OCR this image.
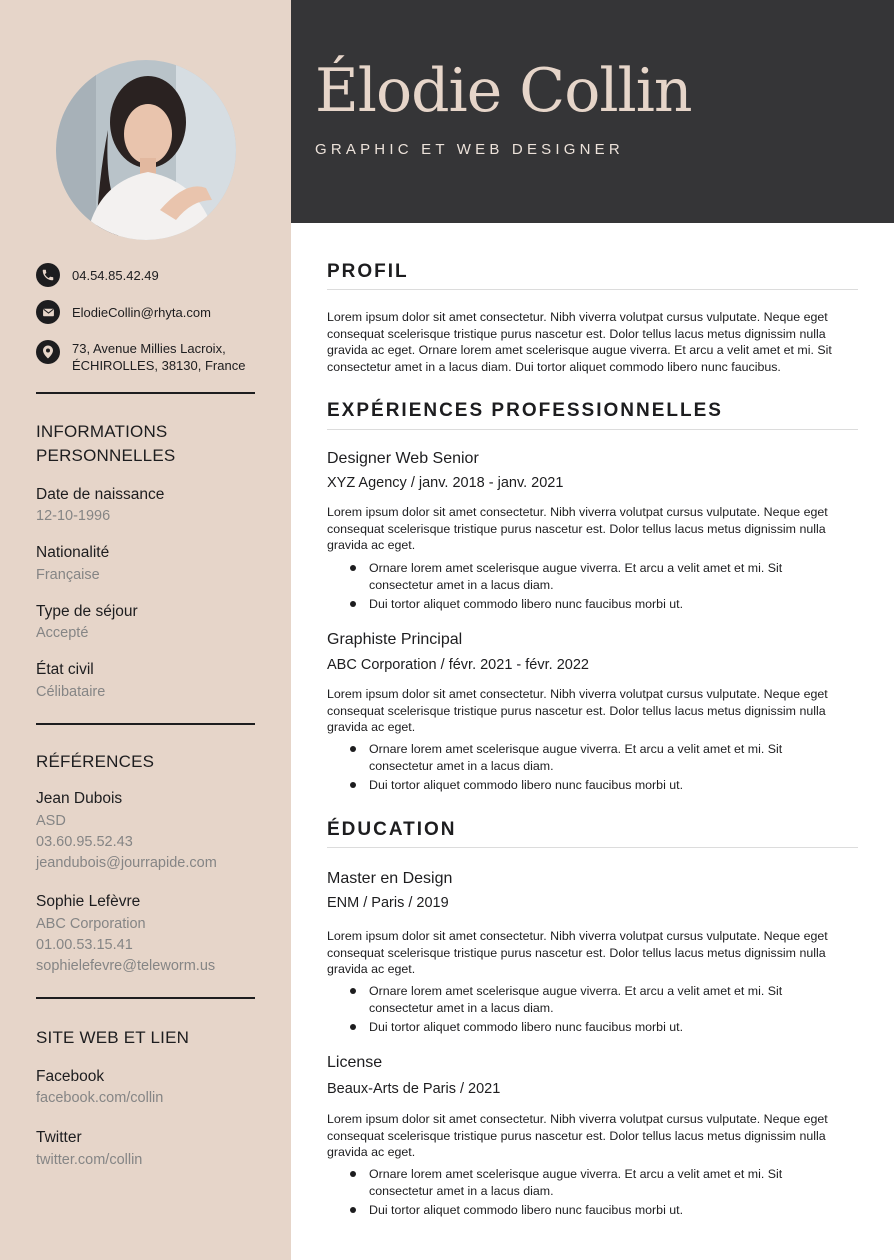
04.54.85.42.49
ElodieCollin@rhyta.com
73, Avenue Millies Lacroix,
ÉCHIROLLES, 38130, France
INFORMATIONS
PERSONNELLES
Date de naissance
12-10-1996
Nationalité
Française
Type de séjour
Accepté
État civil
Célibataire
RÉFÉRENCES
Jean Dubois
ASD
03.60.95.52.43
jeandubois@jourrapide.com
Sophie Lefèvre
ABC Corporation
01.00.53.15.41
sophielefevre@teleworm.us
SITE WEB ET LIEN
Facebook
facebook.com/collin
Twitter
twitter.com/collin
Élodie Collin
GRAPHIC ET WEB DESIGNER
PROFIL

Lorem ipsum dolor sit amet consectetur. Nibh viverra volutpat cursus vulputate. Neque eget consequat scelerisque tristique purus nascetur est. Dolor tellus lacus metus dignissim nulla gravida ac eget. Ornare lorem amet scelerisque augue viverra. Et arcu a velit amet et mi. Sit consectetur amet in a lacus diam. Dui tortor aliquet commodo libero nunc faucibus.

EXPÉRIENCES PROFESSIONNELLES
Designer Web Senior
XYZ Agency / janv. 2018 - janv. 2021

Lorem ipsum dolor sit amet consectetur. Nibh viverra volutpat cursus vulputate. Neque eget consequat scelerisque tristique purus nascetur est. Dolor tellus lacus metus dignissim nulla gravida ac eget.

Ornare lorem amet scelerisque augue viverra. Et arcu a velit amet et mi. Sit consectetur amet in a lacus diam.
Dui tortor aliquet commodo libero nunc faucibus morbi ut.
Graphiste Principal
ABC Corporation / févr. 2021 - févr. 2022

Lorem ipsum dolor sit amet consectetur. Nibh viverra volutpat cursus vulputate. Neque eget consequat scelerisque tristique purus nascetur est. Dolor tellus lacus metus dignissim nulla gravida ac eget.

Ornare lorem amet scelerisque augue viverra. Et arcu a velit amet et mi. Sit consectetur amet in a lacus diam.
Dui tortor aliquet commodo libero nunc faucibus morbi ut.
ÉDUCATION
Master en Design
ENM / Paris / 2019

Lorem ipsum dolor sit amet consectetur. Nibh viverra volutpat cursus vulputate. Neque eget consequat scelerisque tristique purus nascetur est. Dolor tellus lacus metus dignissim nulla gravida ac eget.

Ornare lorem amet scelerisque augue viverra. Et arcu a velit amet et mi. Sit consectetur amet in a lacus diam.
Dui tortor aliquet commodo libero nunc faucibus morbi ut.
License
Beaux-Arts de Paris / 2021

Lorem ipsum dolor sit amet consectetur. Nibh viverra volutpat cursus vulputate. Neque eget consequat scelerisque tristique purus nascetur est. Dolor tellus lacus metus dignissim nulla gravida ac eget.

Ornare lorem amet scelerisque augue viverra. Et arcu a velit amet et mi. Sit consectetur amet in a lacus diam.
Dui tortor aliquet commodo libero nunc faucibus morbi ut.
